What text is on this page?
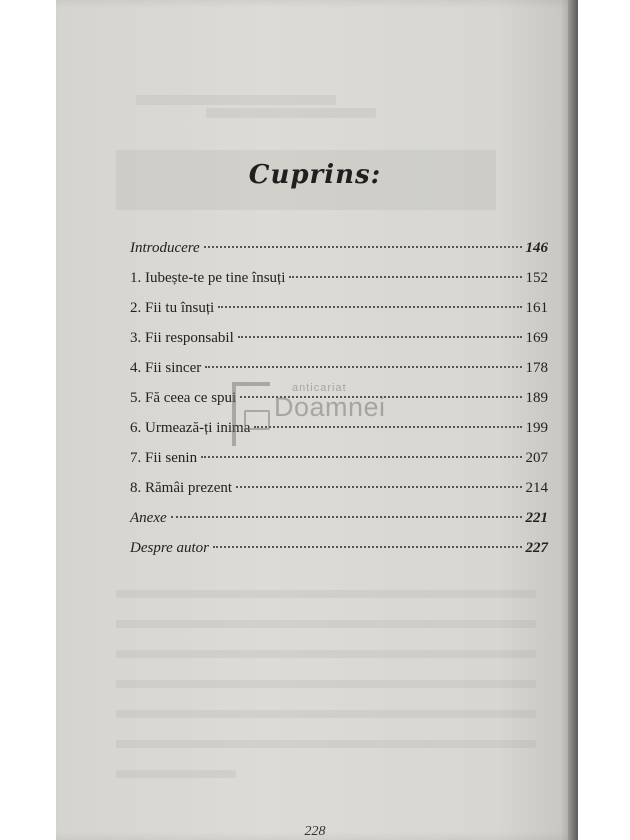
Cuprins:
Introducere	146
1. Iubește-te pe tine însuți	152
2. Fii tu însuți	161
3. Fii responsabil	169
4. Fii sincer	178
5. Fă ceea ce spui	189
6. Urmează-ți inima	199
7. Fii senin	207
8. Rămâi prezent	214
Anexe	221
Despre autor	227
anticariat
Doamnei
228
